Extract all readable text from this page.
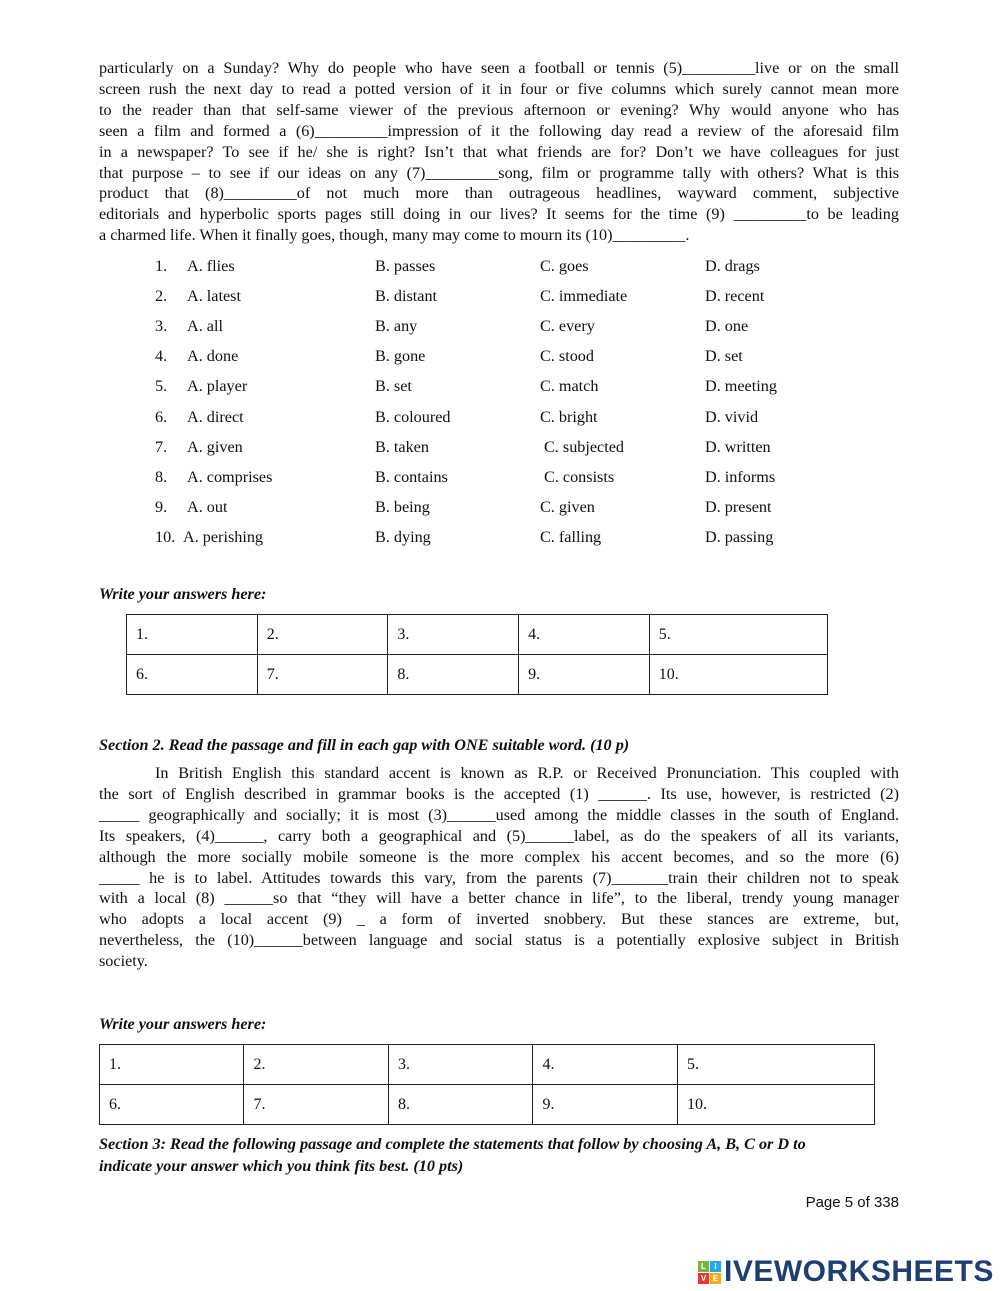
particularly on a Sunday? Why do people who have seen a football or tennis (5)_________live or on the small
screen rush the next day to read a potted version of it in four or five columns which surely cannot mean more
to the reader than that self-same viewer of the previous afternoon or evening? Why would anyone who has
seen a film and formed a (6)_________impression of it the following day read a review of the aforesaid film
in a newspaper? To see if he/ she is right? Isn’t that what friends are for? Don’t we have colleagues for just
that purpose – to see if our ideas on any (7)_________song, film or programme tally with others? What is this
product that (8)_________of not much more than outrageous headlines, wayward comment, subjective
editorials and hyperbolic sports pages still doing in our lives? It seems for the time (9) _________to be leading
a charmed life. When it finally goes, though, many may come to mourn its (10)_________.
1. A. flies	B. passes	C. goes	D. drags
2. A. latest	B. distant	C. immediate	D. recent
3. A. all	B. any	C. every	D. one
4. A. done	B. gone	C. stood	D. set
5. A. player	B. set	C. match	D. meeting
6. A. direct	B. coloured	C. bright	D. vivid
7. A. given	B. taken	C. subjected	D. written
8. A. comprises	B. contains	C. consists	D. informs
9. A. out	B. being	C. given	D. present
10. A. perishing	B. dying	C. falling	D. passing
Write your answers here:
1.	2.	3.	4.	5.
6.	7.	8.	9.	10.
Section 2. Read the passage and fill in each gap with ONE suitable word. (10 p)
In British English this standard accent is known as R.P. or Received Pronunciation. This coupled with
the sort of English described in grammar books is the accepted (1) ______. Its use, however, is restricted (2)
_____ geographically and socially; it is most (3)______used among the middle classes in the south of England.
Its speakers, (4)______, carry both a geographical and (5)______label, as do the speakers of all its variants,
although the more socially mobile someone is the more complex his accent becomes, and so the more (6)
_____ he is to label. Attitudes towards this vary, from the parents (7)_______train their children not to speak
with a local (8) ______so that “they will have a better chance in life”, to the liberal, trendy young manager
who adopts a local accent (9) _ a form of inverted snobbery. But these stances are extreme, but,
nevertheless, the (10)______between language and social status is a potentially explosive subject in British
society.
Write your answers here:
1.	2.	3.	4.	5.
6.	7.	8.	9.	10.
Section 3: Read the following passage and complete the statements that follow by choosing A, B, C or D to
indicate your answer which you think fits best. (10 pts)
Page 5 of 338
L	I
V E IVEWORKSHEETS
